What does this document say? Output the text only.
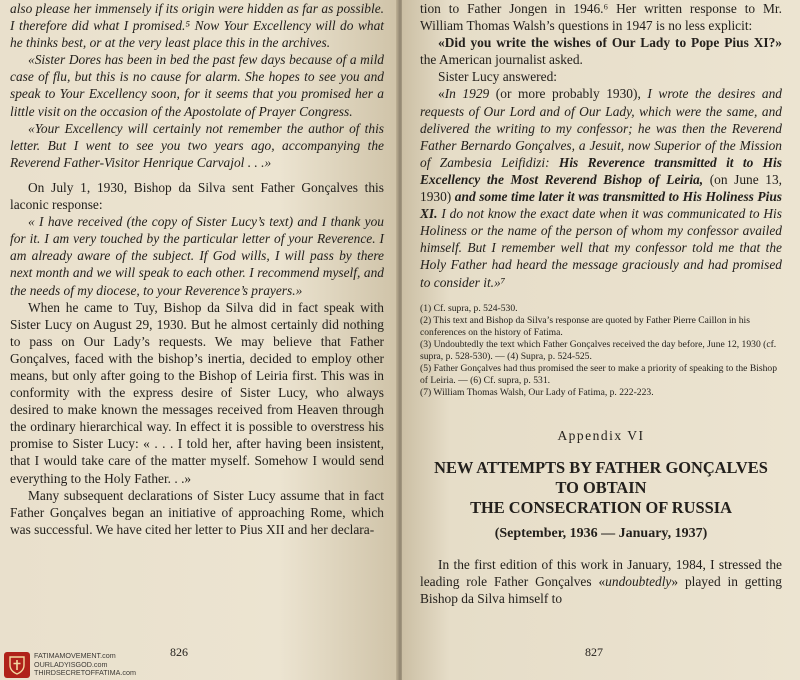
also please her immensely if its origin were hidden as far as possible. I therefore did what I promised.⁵ Now Your Excellency will do what he thinks best, or at the very least place this in the archives.

«Sister Dores has been in bed the past few days because of a mild case of flu, but this is no cause for alarm. She hopes to see you and speak to Your Excellency soon, for it seems that you promised her a little visit on the occasion of the Apostolate of Prayer Congress.

«Your Excellency will certainly not remember the author of this letter. But I went to see you two years ago, accompanying the Reverend Father-Visitor Henrique Carvajol . . .»

On July 1, 1930, Bishop da Silva sent Father Gonçalves this laconic response:

« I have received (the copy of Sister Lucy’s text) and I thank you for it. I am very touched by the particular letter of your Reverence. I am already aware of the subject. If God wills, I will pass by there next month and we will speak to each other. I recommend myself, and the needs of my diocese, to your Reverence’s prayers.»

When he came to Tuy, Bishop da Silva did in fact speak with Sister Lucy on August 29, 1930. But he almost certainly did nothing to pass on Our Lady’s requests. We may believe that Father Gonçalves, faced with the bishop’s inertia, decided to employ other means, but only after going to the Bishop of Leiria first. This was in conformity with the express desire of Sister Lucy, who always desired to make known the messages received from Heaven through the ordinary hierarchical way. In effect it is possible to overstress his promise to Sister Lucy: « . . . I told her, after having been insistent, that I would take care of the matter myself. Somehow I would send everything to the Holy Father. . .»

Many subsequent declarations of Sister Lucy assume that in fact Father Gonçalves began an initiative of approaching Rome, which was successful. We have cited her letter to Pius XII and her declara-

826
FATIMAMOVEMENT.com
OURLADYISGOD.com
THIRDSECRETOFFATIMA.com

tion to Father Jongen in 1946.⁶ Her written response to Mr. William Thomas Walsh’s questions in 1947 is no less explicit:

«Did you write the wishes of Our Lady to Pope Pius XI?» the American journalist asked.

Sister Lucy answered:

«In 1929 (or more probably 1930), I wrote the desires and requests of Our Lord and of Our Lady, which were the same, and delivered the writing to my confessor; he was then the Reverend Father Bernardo Gonçalves, a Jesuit, now Superior of the Mission of Zambesia Leifidizi: His Reverence transmitted it to His Excellency the Most Reverend Bishop of Leiria, (on June 13, 1930) and some time later it was transmitted to His Holiness Pius XI. I do not know the exact date when it was communicated to His Holiness or the name of the person of whom my confessor availed himself. But I remember well that my confessor told me that the Holy Father had heard the message graciously and had promised to consider it.»⁷

(1) Cf. supra, p. 524-530.

(2) This text and Bishop da Silva’s response are quoted by Father Pierre Caillon in his conferences on the history of Fatima.

(3) Undoubtedly the text which Father Gonçalves received the day before, June 12, 1930 (cf. supra, p. 528-530). — (4) Supra, p. 524-525.

(5) Father Gonçalves had thus promised the seer to make a priority of speaking to the Bishop of Leiria. — (6) Cf. supra, p. 531.

(7) William Thomas Walsh, Our Lady of Fatima, p. 222-223.

Appendix VI
NEW ATTEMPTS BY FATHER GONÇALVES
TO OBTAIN
THE CONSECRATION OF RUSSIA
(September, 1936 — January, 1937)

In the first edition of this work in January, 1984, I stressed the leading role Father Gonçalves «undoubtedly» played in getting Bishop da Silva himself to

827
